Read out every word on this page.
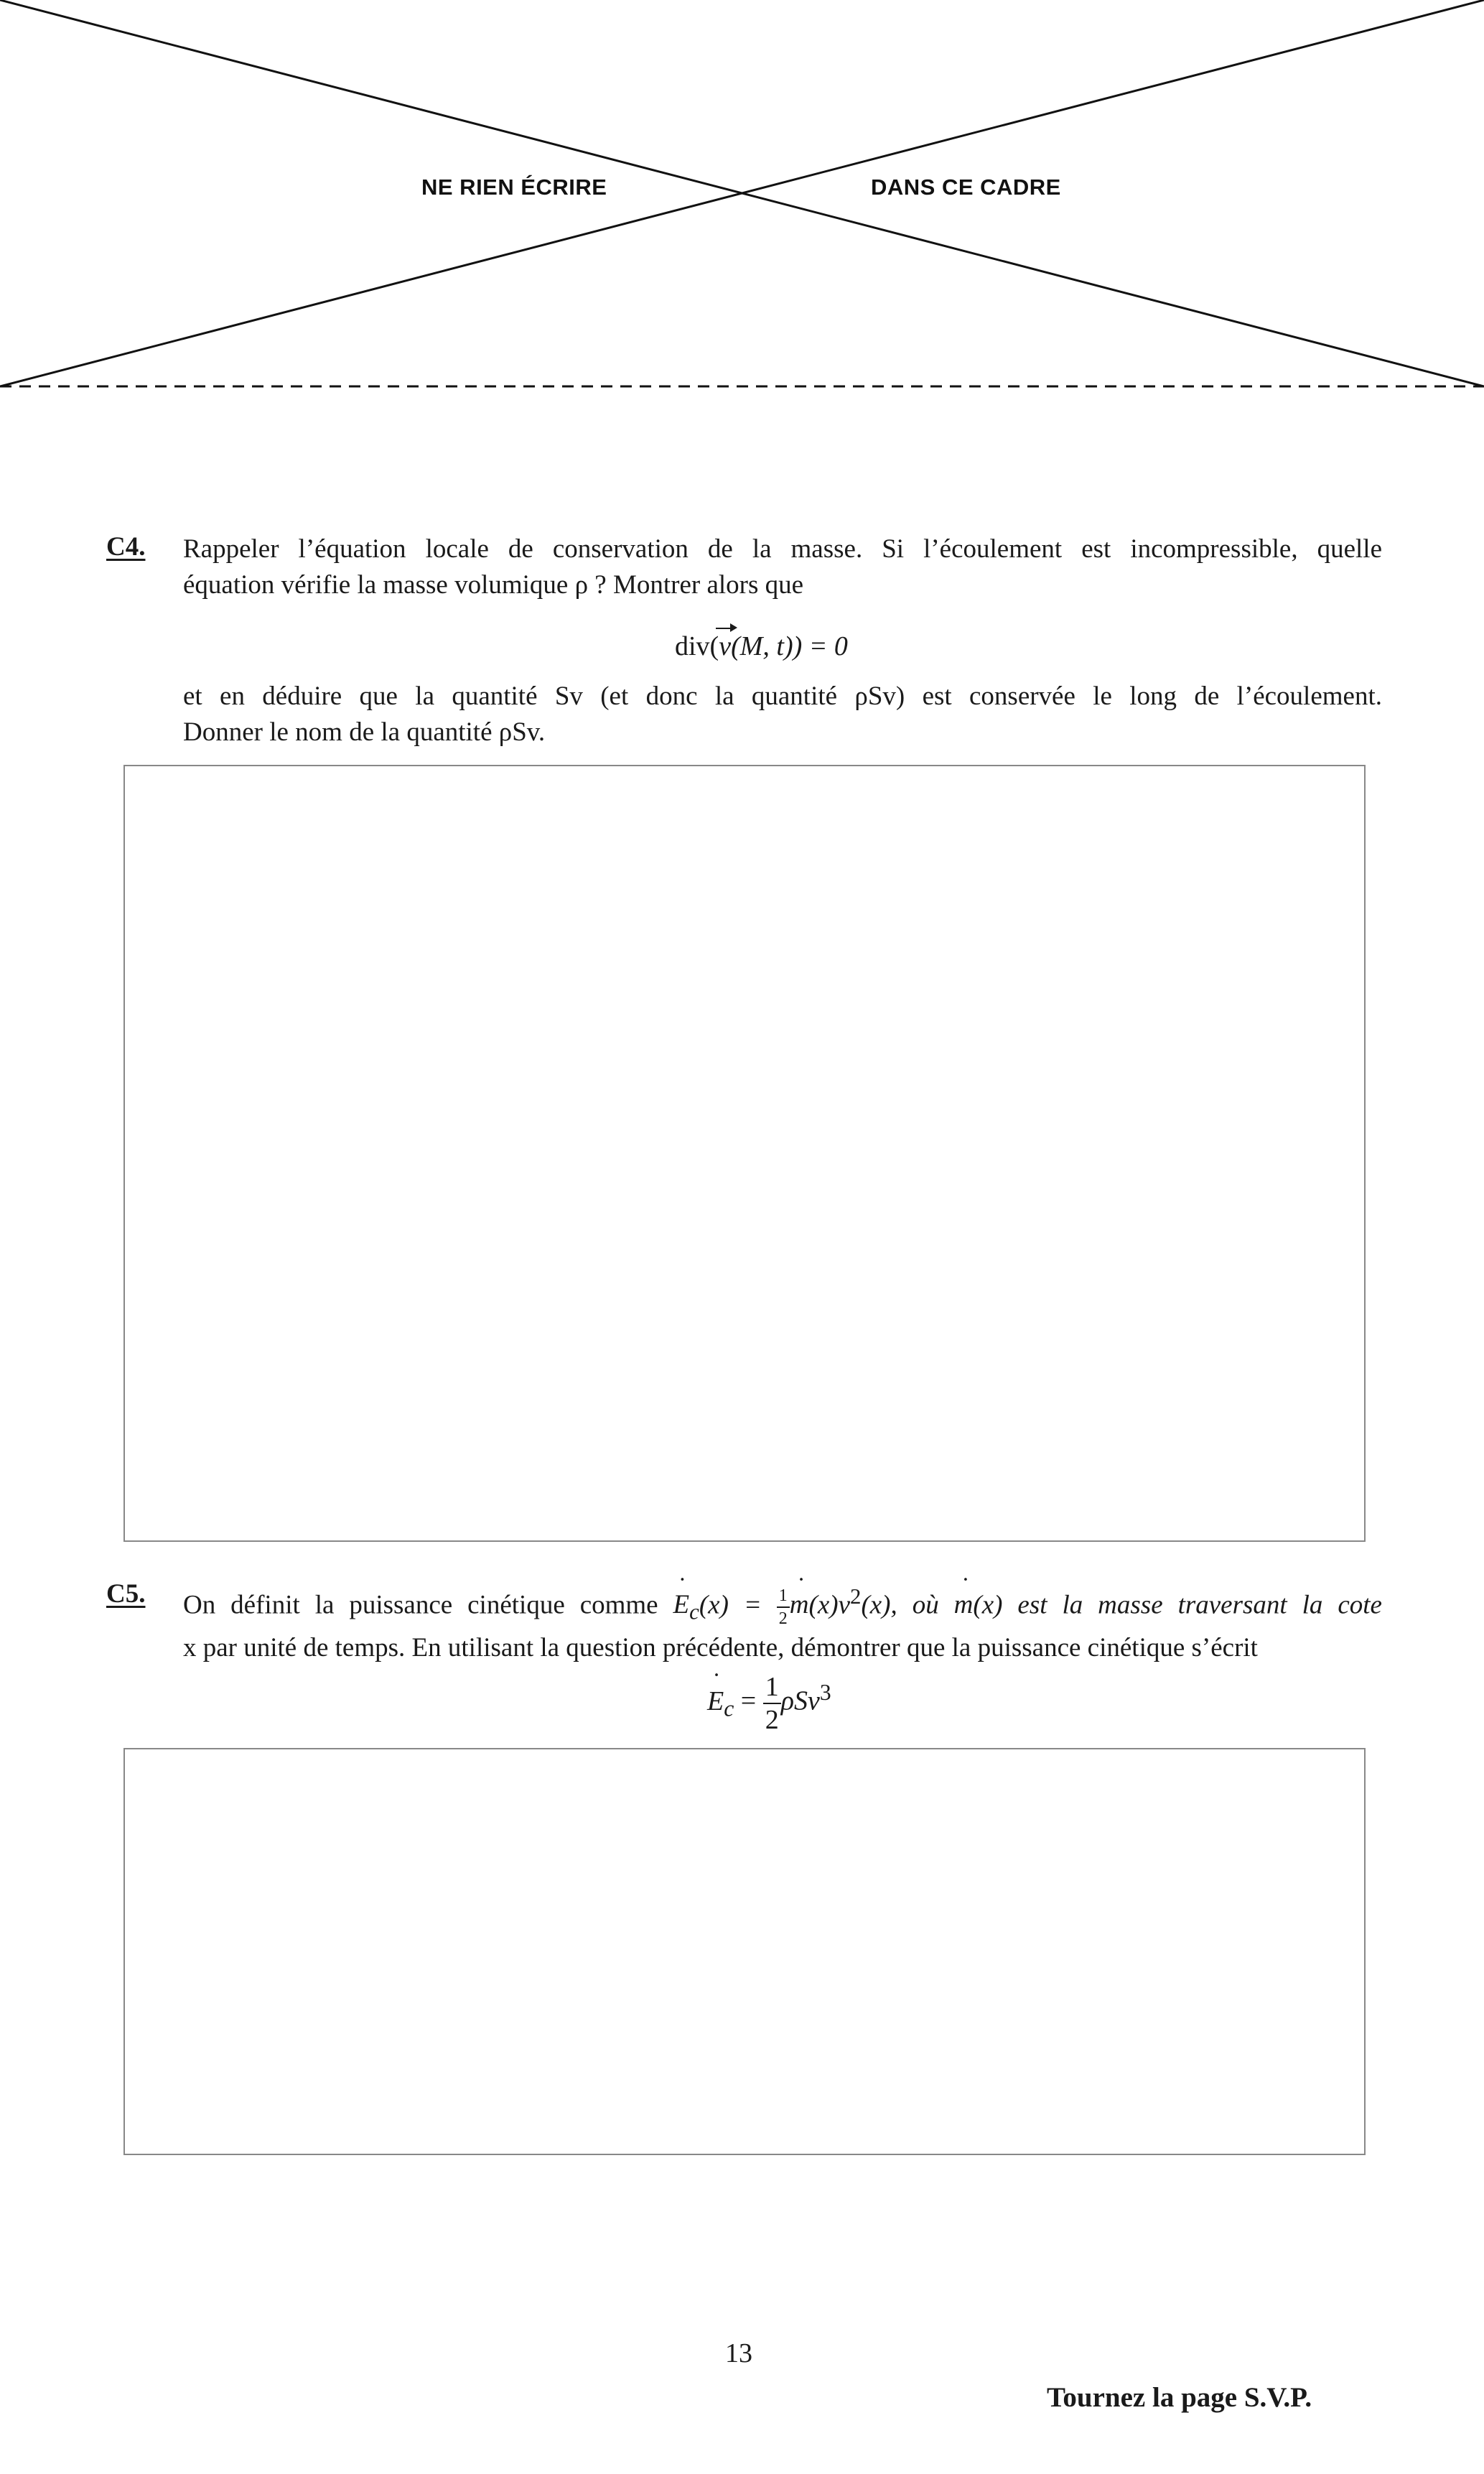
NE RIEN ÉCRIRE	DANS CE CADRE
C4. Rappeler l’équation locale de conservation de la masse. Si l’écoulement est incompressible, quelle
équation vérifie la masse volumique ρ ? Montrer alors que
div(v(M, t)) = 0
et en déduire que la quantité Sv (et donc la quantité ρSv) est conservée le long de l’écoulement.
Donner le nom de la quantité ρSv.
C5. On définit la puissance cinétique comme ˙ $E_c(x) = \frac{1}{2}$ ˙ $m(x)v^2(x)$, où ˙ m(x) est la masse traversant la cote
x par unité de temps. En utilisant la question précédente, démontrer que la puissance cinétique s’écrit
˙ $E_c = \frac{1}{2} \rho Sv^3$
13
Tournez la page S.V.P.
